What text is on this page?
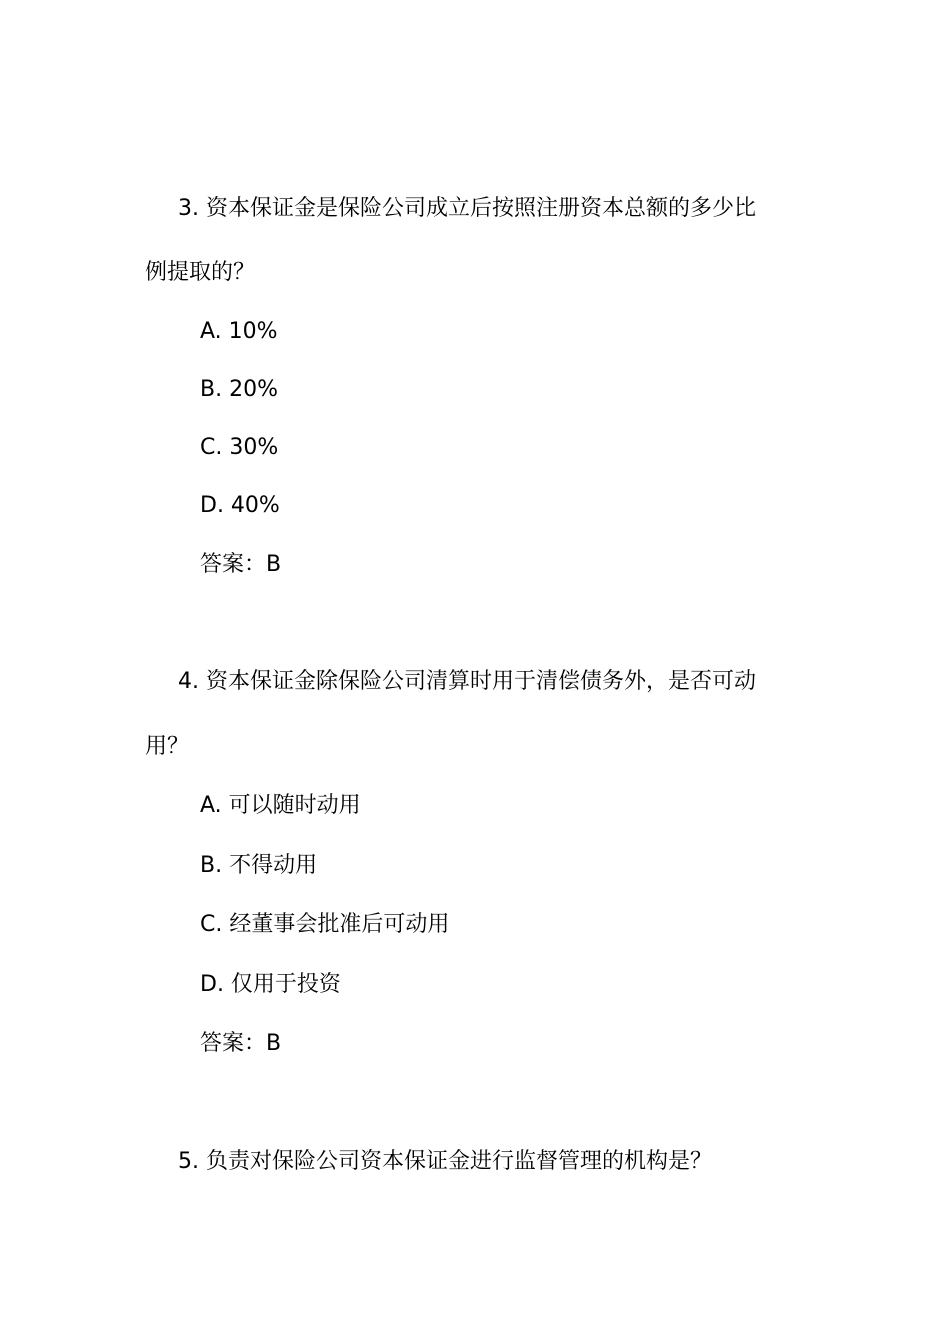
3. 资本保证金是保险公司成立后按照注册资本总额的多少比
例提取的？
A. 10%
B. 20%
C. 30%
D. 40%
答案：B
4. 资本保证金除保险公司清算时用于清偿债务外，是否可动
用？
A. 可以随时动用
B. 不得动用
C. 经董事会批准后可动用
D. 仅用于投资
答案：B
5. 负责对保险公司资本保证金进行监督管理的机构是？
